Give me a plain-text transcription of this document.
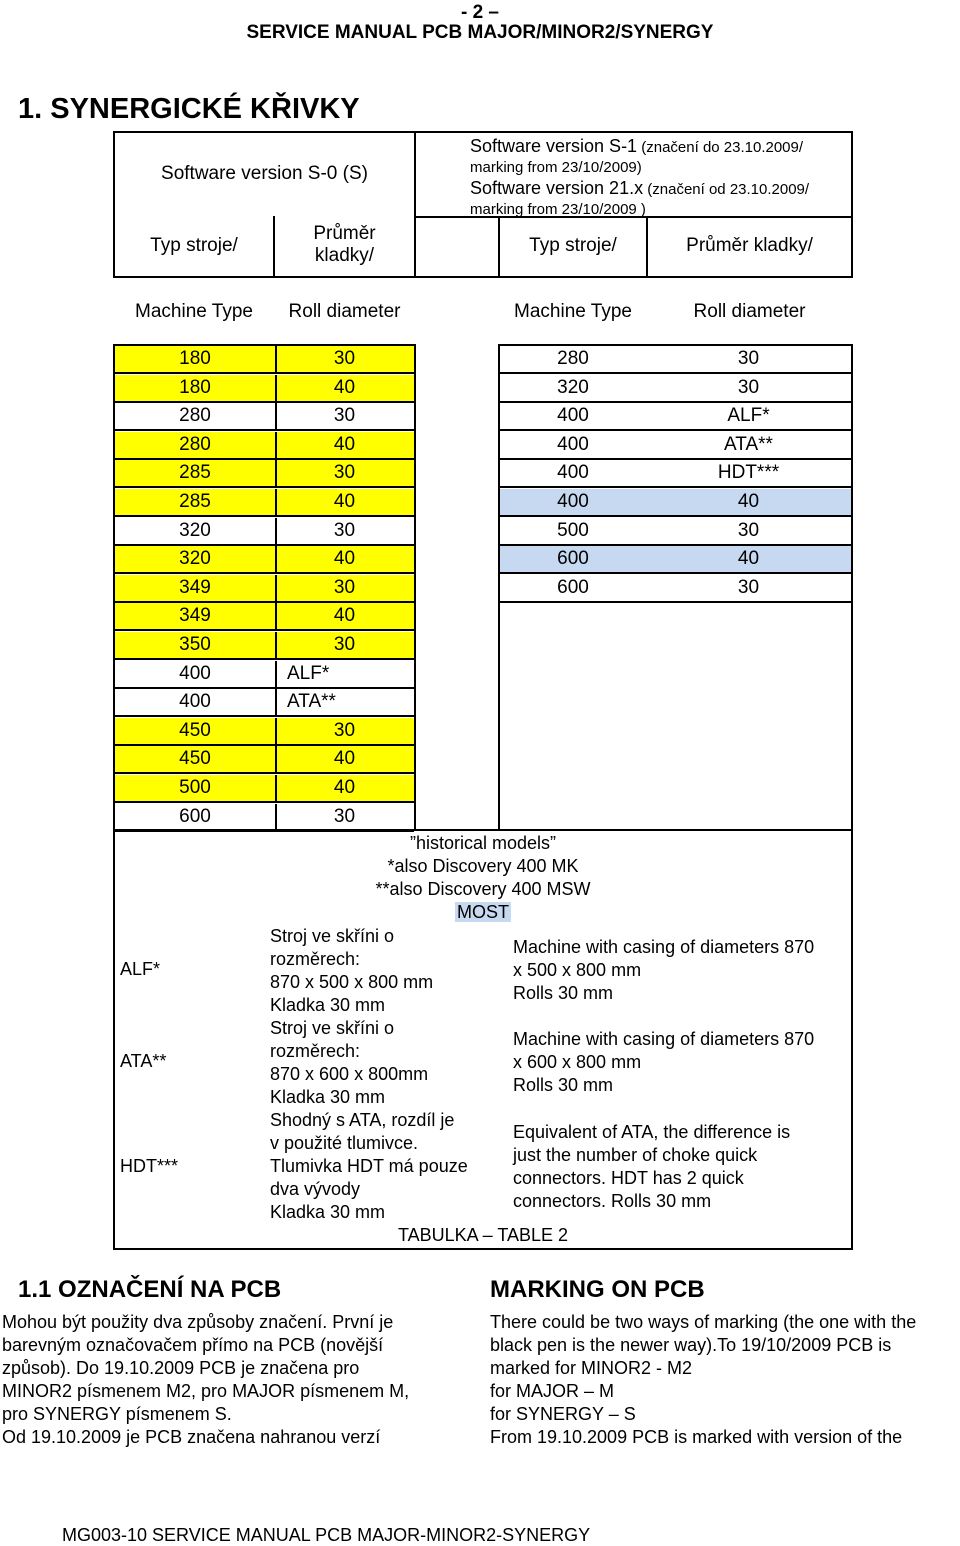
- 2 –
SERVICE MANUAL PCB MAJOR/MINOR2/SYNERGY
1. SYNERGICKÉ KŘIVKY
Software version S-0 (S)
Typ stroje/
Průměr
kladky/
Software version S-1 (značení do 23.10.2009/
marking from 23/10/2009)
Software version 21.x (značení od 23.10.2009/
marking from 23/10/2009 )
Typ stroje/	Průměr kladky/
Machine Type	Roll diameter	Machine Type	Roll diameter
180	30
180	40
280	30
280	40
285	30
285	40
320	30
320	40
349	30
349	40
350	30
400	ALF*
400	ATA**
450	30
450	40
500	40
600	30
280	30
320	30
400	ALF*
400	ATA**
400	HDT***
400	40
500	30
600	40
600	30
”historical models”
*also Discovery 400 MK
**also Discovery 400 MSW
MOST
ALF*
Stroj ve skříni o
rozměrech:
870 x 500 x 800 mm
Kladka 30 mm
Machine with casing of diameters 870
x 500 x 800 mm
Rolls 30 mm
ATA**
Stroj ve skříni o
rozměrech:
870 x 600 x 800mm
Kladka 30 mm
Machine with casing of diameters 870
x 600 x 800 mm
Rolls 30 mm
HDT***
Shodný s ATA, rozdíl je
v použité tlumivce.
Tlumivka HDT má pouze
dva vývody
Kladka 30 mm
Equivalent of ATA, the difference is
just the number of choke quick
connectors. HDT has 2 quick
connectors. Rolls 30 mm
TABULKA – TABLE 2
1.1 OZNAČENÍ NA PCB	MARKING ON PCB
Mohou být použity dva způsoby značení. První je
barevným označovačem přímo na PCB (novější
způsob). Do 19.10.2009 PCB je značena pro
MINOR2 písmenem M2, pro MAJOR písmenem M,
pro SYNERGY písmenem S.
Od 19.10.2009 je PCB značena nahranou verzí
There could be two ways of marking (the one with the
black pen is the newer way).To 19/10/2009 PCB is
marked for MINOR2 - M2
for MAJOR – M
for SYNERGY – S
From 19.10.2009 PCB is marked with version of the
MG003-10 SERVICE MANUAL PCB MAJOR-MINOR2-SYNERGY
